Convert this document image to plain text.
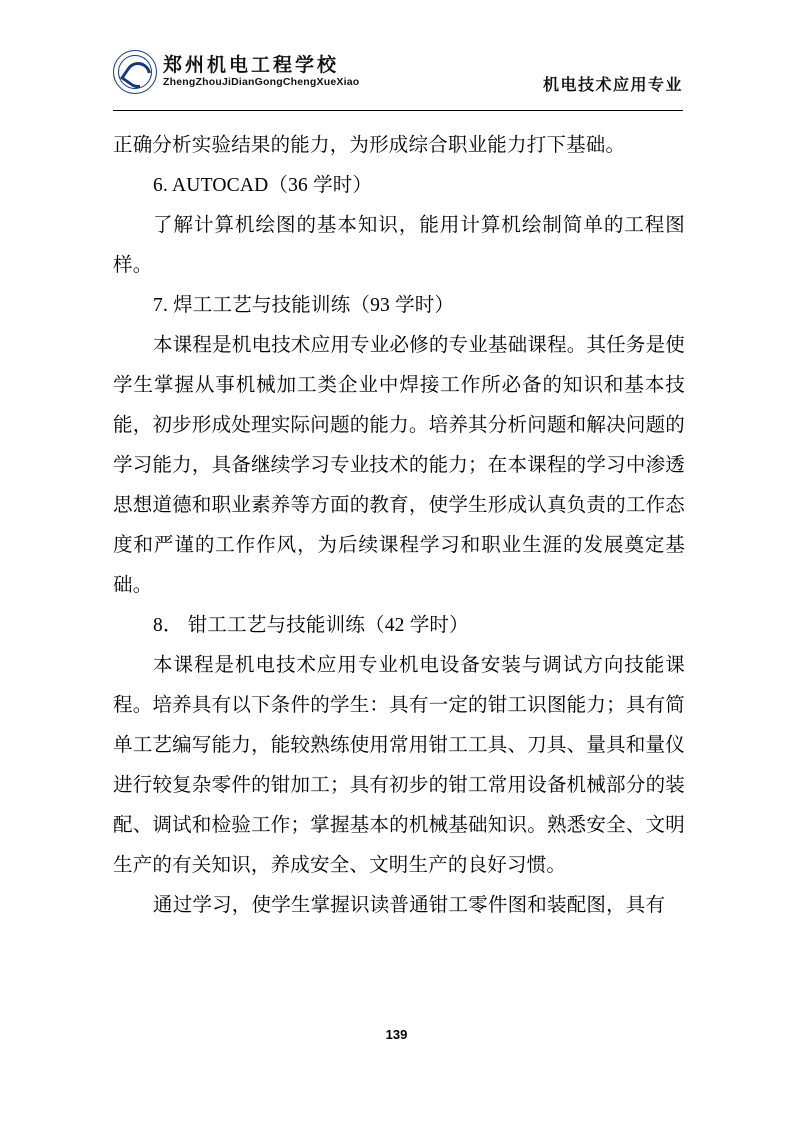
郑州机电工程学校
ZhengZhouJiDianGongChengXueXiao	机电技术应用专业

正确分析实验结果的能力，为形成综合职业能力打下基础。

6. AUTOCAD（36 学时）

了解计算机绘图的基本知识，能用计算机绘制简单的工程图样。

7. 焊工工艺与技能训练（93 学时）

本课程是机电技术应用专业必修的专业基础课程。其任务是使学生掌握从事机械加工类企业中焊接工作所必备的知识和基本技能，初步形成处理实际问题的能力。培养其分析问题和解决问题的学习能力，具备继续学习专业技术的能力；在本课程的学习中渗透思想道德和职业素养等方面的教育，使学生形成认真负责的工作态度和严谨的工作作风，为后续课程学习和职业生涯的发展奠定基础。

8． 钳工工艺与技能训练（42 学时）

本课程是机电技术应用专业机电设备安装与调试方向技能课程。培养具有以下条件的学生：具有一定的钳工识图能力；具有简单工艺编写能力，能较熟练使用常用钳工工具、刀具、量具和量仪进行较复杂零件的钳加工；具有初步的钳工常用设备机械部分的装配、调试和检验工作；掌握基本的机械基础知识。熟悉安全、文明生产的有关知识，养成安全、文明生产的良好习惯。

通过学习，使学生掌握识读普通钳工零件图和装配图，具有

139
